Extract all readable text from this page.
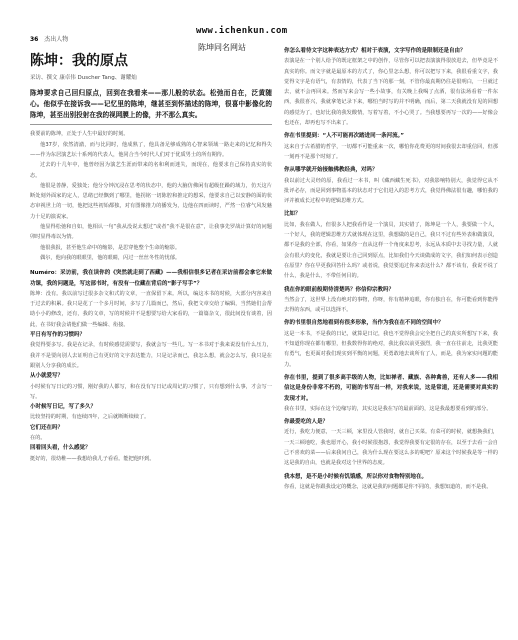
36 杰出人物
www.ichenkun.com
陈坤同名网站
陈坤：我的原点
采访、撰文 康卓伟 Duscher Tang、谢耀灿
陈坤要求自己回归原点，回到在我看来——那儿般的状态。松弛而自在，泛黄随心。他似乎在接诉我——记忆里的陈坤，继甚至到怀描述的陈坤，很喜中影像化的陈坤，甚至出别投射在我的视网膜上的像，并不那么真实。

我要前的陈坤，正处于人生中最好的时刻。

他37岁，依然清澈，而与比同时，他成熟了，他具备足够成熟的心智来领域一路走来的记忆和得失——作为东居演艺坛十系列的代表人，他同合当今时代人们对于优质男士的所有期待。

过去的十几年中，他曾经因为演艺生涯而带来的名和利而迷失，而现在，他要求自己保持真实的状态。

他很是善静，爱独处；他分分钟沉浸在思考的状态中，他的大脑仿佛闲有超级狂躁的域力，仿天这片断处刻外面家的定人，思绪已经飘到了哪里，他拐铭一切陈腔和推定的想采，他要求自己以安静的面的状态审视世上的一切，他把这些初始都独，对有图像推力的播发为，边他在四而读时，严然一位睿气风发魅力十足的演说家。

他显得松弛和自如，他相认一句“我从没说太想过”或者“我不是很在意”，让我事先罗战计算好的问题卯时显得毒以为情。

他很我报，甚至他生命中的缩影，是思穿他整个生命的缩影。

偶尔，他向我的眼眼里，他的眼睛，闪过一丝丝冬性的忧郁。

Numéro：采访前，我在读你的《突然就走到了西藏》——我相信很多记者在采访前都会拿它来做功课，我的问题是，写这部书时，有没有一位藏在背后的“影子写手”？

陈坤：没有。我以前写过很多杂文和式的文章，一直保留下来。所以，编这本书的时候，大部分内容来自于过去的积累。我只是花了一个多月时间，多写了几篇而已，然后，我把文章交给了编辑，当然她们会帮助小小的修改，还有，我的文章，写的时候并不是想要写给大家看的，一篇篇杂文，很此间没有谈着，因此，在书好我会请他们做一些编辑、衔接。

平日有写作的习惯吗？

我觉得要多写。我是在记录，有时候感觉需要写，我就会写一些几。写一本书对于我来说没有什么压力，我并不是要向别人去证明自己有更好的文字表达能力，只是记录而已，我怎么想，就会怎么写，我只是在跟别人分享我的成长。

从小就爱写？

小时候有写日记的习惯，刚好我的人都写，和在没有写日记或周记的习惯了，只有想到什么事，才会写一写。

小时候写日记，写了多久？

比较坚持的时期，有连续四年，之后就断断续续了。

它们还在吗？

在的。

回看回头看，什么感觉？

挺好的，很幼稚——我想给我儿子看看。能把他吓到。

你怎么看待文字这种表达方式？相对于表演，文字写作的是限制还是自由？

表演是在一个别人给予的既定框架之中的创作，尽管你可以把表演演得很放进去，但毕竟是不真实的你。而文字就是最原本的方式了，你心里怎么想，你可以把写下来，我很看重文字，我觉得文字是有语气，有表情的，代表了当下的那一刻，不管你最真期仍往是很明白，一旦就过去，就不会再回来。然而写来会写一些小故事，有关晚上我喝了点酒，很有法场看着一件东西，我很喜兴，我就拿笔记录下来，哪怕当时写的并不明确，而后，第二天我就没有见的回想的感觉为了，也好比我的我发酸情，写着写着，不小心哭了。当我想要再写一次的——好像会也还在，却再也写不出来了。

你在书里提到：“人不可能再次踏进同一条河流。”

这来自于古希腊的哲学，一切都不可能重来一次，哪怕你花费更的时间我很去却重信回，但那一刻再不是那个时刻了。

你从哪学就开始接触佛教经典，对吗？

我以前过大灵经的原，我看过一本书，叫《藏西藏生死书》，对我影响特别大，我觉得它从不批评必存，而是回到事物基本的状态对于它们进入的思考方式，我觉得佛法很有趣，哪怕我的评并被成长过程中的逻辑思维方式。

比如？

比如，我在做人，但很多人把我看作是一个演员，其实错了，陈坤是一个人，我要做一个人，一个好人，我的逻辑思维方式就体现在这里，我想做的是自己，我只不过有些外表和做演员，都不是我的全部，你看，如果你一直从这样一个角度来思考，永远从本质中去寻找力量，人就会有很大的变化，我就是要让自己回到原点，比如我们今天谈做成的文字，我们如何表示创造在原里？你在早更我回答什么吗？或者说，我觉要追过你来表这什么？都不该有，我说不说了什么，我是什么，不带任何目的。

我在你的眼前般期待清楚吗？你信仰宗教吗？

当然会了，这世界上没有绝对的事物，你呀，你有精神追眼，你有独自在，你可能看到你能得去得的东西，或可以选择不。

你的书里很自然地看到有很多形象，当作为我在在不同的空间中？

这是一本书，不是我的日记，就算是日记，我也不觉得我会完全把自己的真实所想写下来，我不知道你现在都有哪里，但我数得你的绝对，我比我以前更强烈，我一直在往前走，比我更能有勇气，也更面对我们现实到平衡的问题，更勇敢地去谈所有了人，而是，我为家实问题的能力。

你在书里，提到了很多高手级的人物，比如禅者、藏族、各种禽兽，还有人多——我相信这是身份非常不朽的，可能的书写出一样，对我来说，这是常道，还是需要对真实的发现才对。

我在书里，实际在这个边缘写的，其实这是我在写的最前面的，这是我最想要看到的部分。

你最爱吃的人是？

近行，我吃力便意，一天三顿，家里没人管我时，就自己买菜。有菜可的时候，就想换我们，一天三顿地吃，我也愿开心，我小时候很抱怨，我觉得我要有定很的存在，以至于去看一会自己不喜欢的菜——后来我问自己，我为什么现在要这么多的呢吧？原来这个时候我是等一样的这是我的自由，也就是我对这个世界的态度。

我本想，是不是小时候有饥饿感，所以你对食物特别地在。

你看，这就是你跟我设定的概念，这就是我的问题都是你不同的，我想知道的，而不是我。
